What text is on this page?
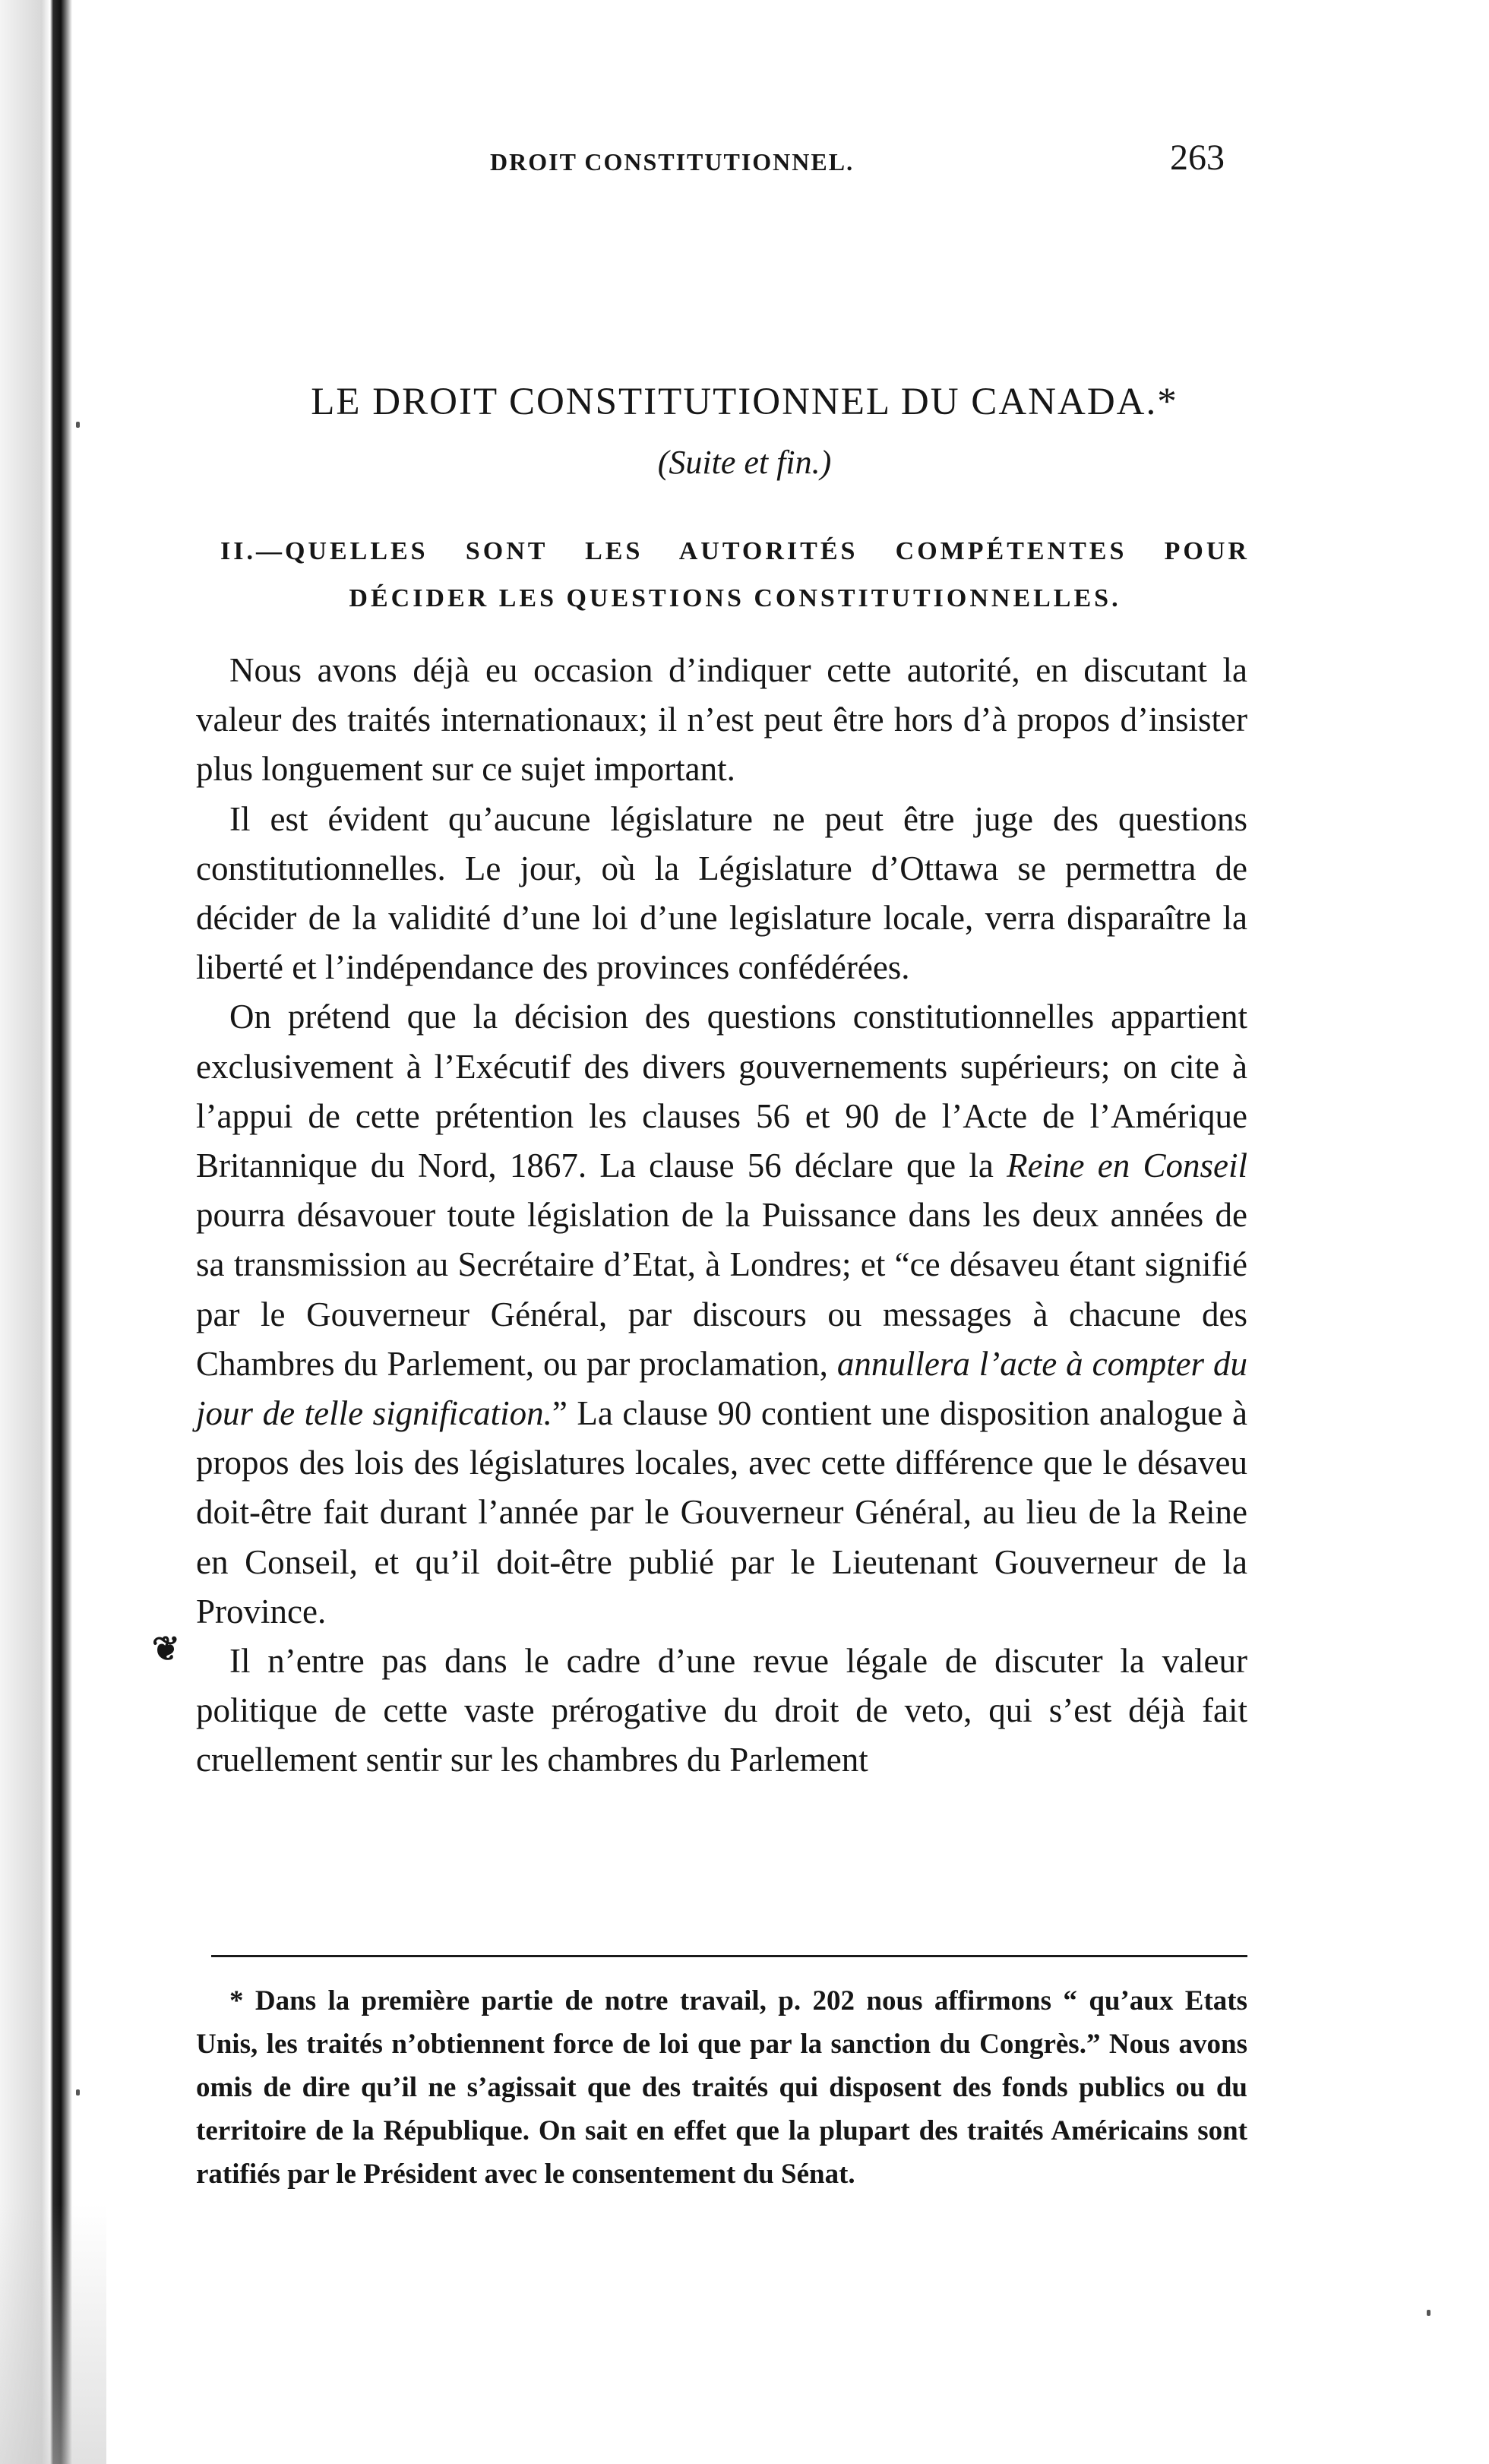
DROIT CONSTITUTIONNEL.	263
LE DROIT CONSTITUTIONNEL DU CANADA.*
(Suite et fin.)
II.—QUELLES SONT LES AUTORITÉS COMPÉTENTES POUR DÉCIDER LES QUESTIONS CONSTITUTIONNELLES.

Nous avons déjà eu occasion d’indiquer cette autorité, en discutant la valeur des traités internationaux; il n’est peut être hors d’à propos d’insister plus longuement sur ce sujet important.

Il est évident qu’aucune législature ne peut être juge des questions constitutionnelles. Le jour, où la Législature d’Ottawa se permettra de décider de la validité d’une loi d’une legislature locale, verra disparaître la liberté et l’indépendance des provinces confédérées.

On prétend que la décision des questions constitutionnelles appartient exclusivement à l’Exécutif des divers gouvernements supérieurs; on cite à l’appui de cette prétention les clauses 56 et 90 de l’Acte de l’Amérique Britannique du Nord, 1867. La clause 56 déclare que la Reine en Conseil pourra désavouer toute législation de la Puissance dans les deux années de sa transmission au Secrétaire d’Etat, à Londres; et “ce désaveu étant signifié par le Gouverneur Général, par discours ou messages à chacune des Chambres du Parlement, ou par proclamation, annullera l’acte à compter du jour de telle signification.” La clause 90 contient une disposition analogue à propos des lois des législatures locales, avec cette différence que le désaveu doit-être fait durant l’année par le Gouverneur Général, au lieu de la Reine en Conseil, et qu’il doit-être publié par le Lieutenant Gouverneur de la Province.

Il n’entre pas dans le cadre d’une revue légale de discuter la valeur politique de cette vaste prérogative du droit de veto, qui s’est déjà fait cruellement sentir sur les chambres du Parlement

❦

* Dans la première partie de notre travail, p. 202 nous affirmons “ qu’aux Etats Unis, les traités n’obtiennent force de loi que par la sanction du Congrès.” Nous avons omis de dire qu’il ne s’agissait que des traités qui disposent des fonds publics ou du territoire de la République. On sait en effet que la plupart des traités Américains sont ratifiés par le Président avec le consentement du Sénat.
